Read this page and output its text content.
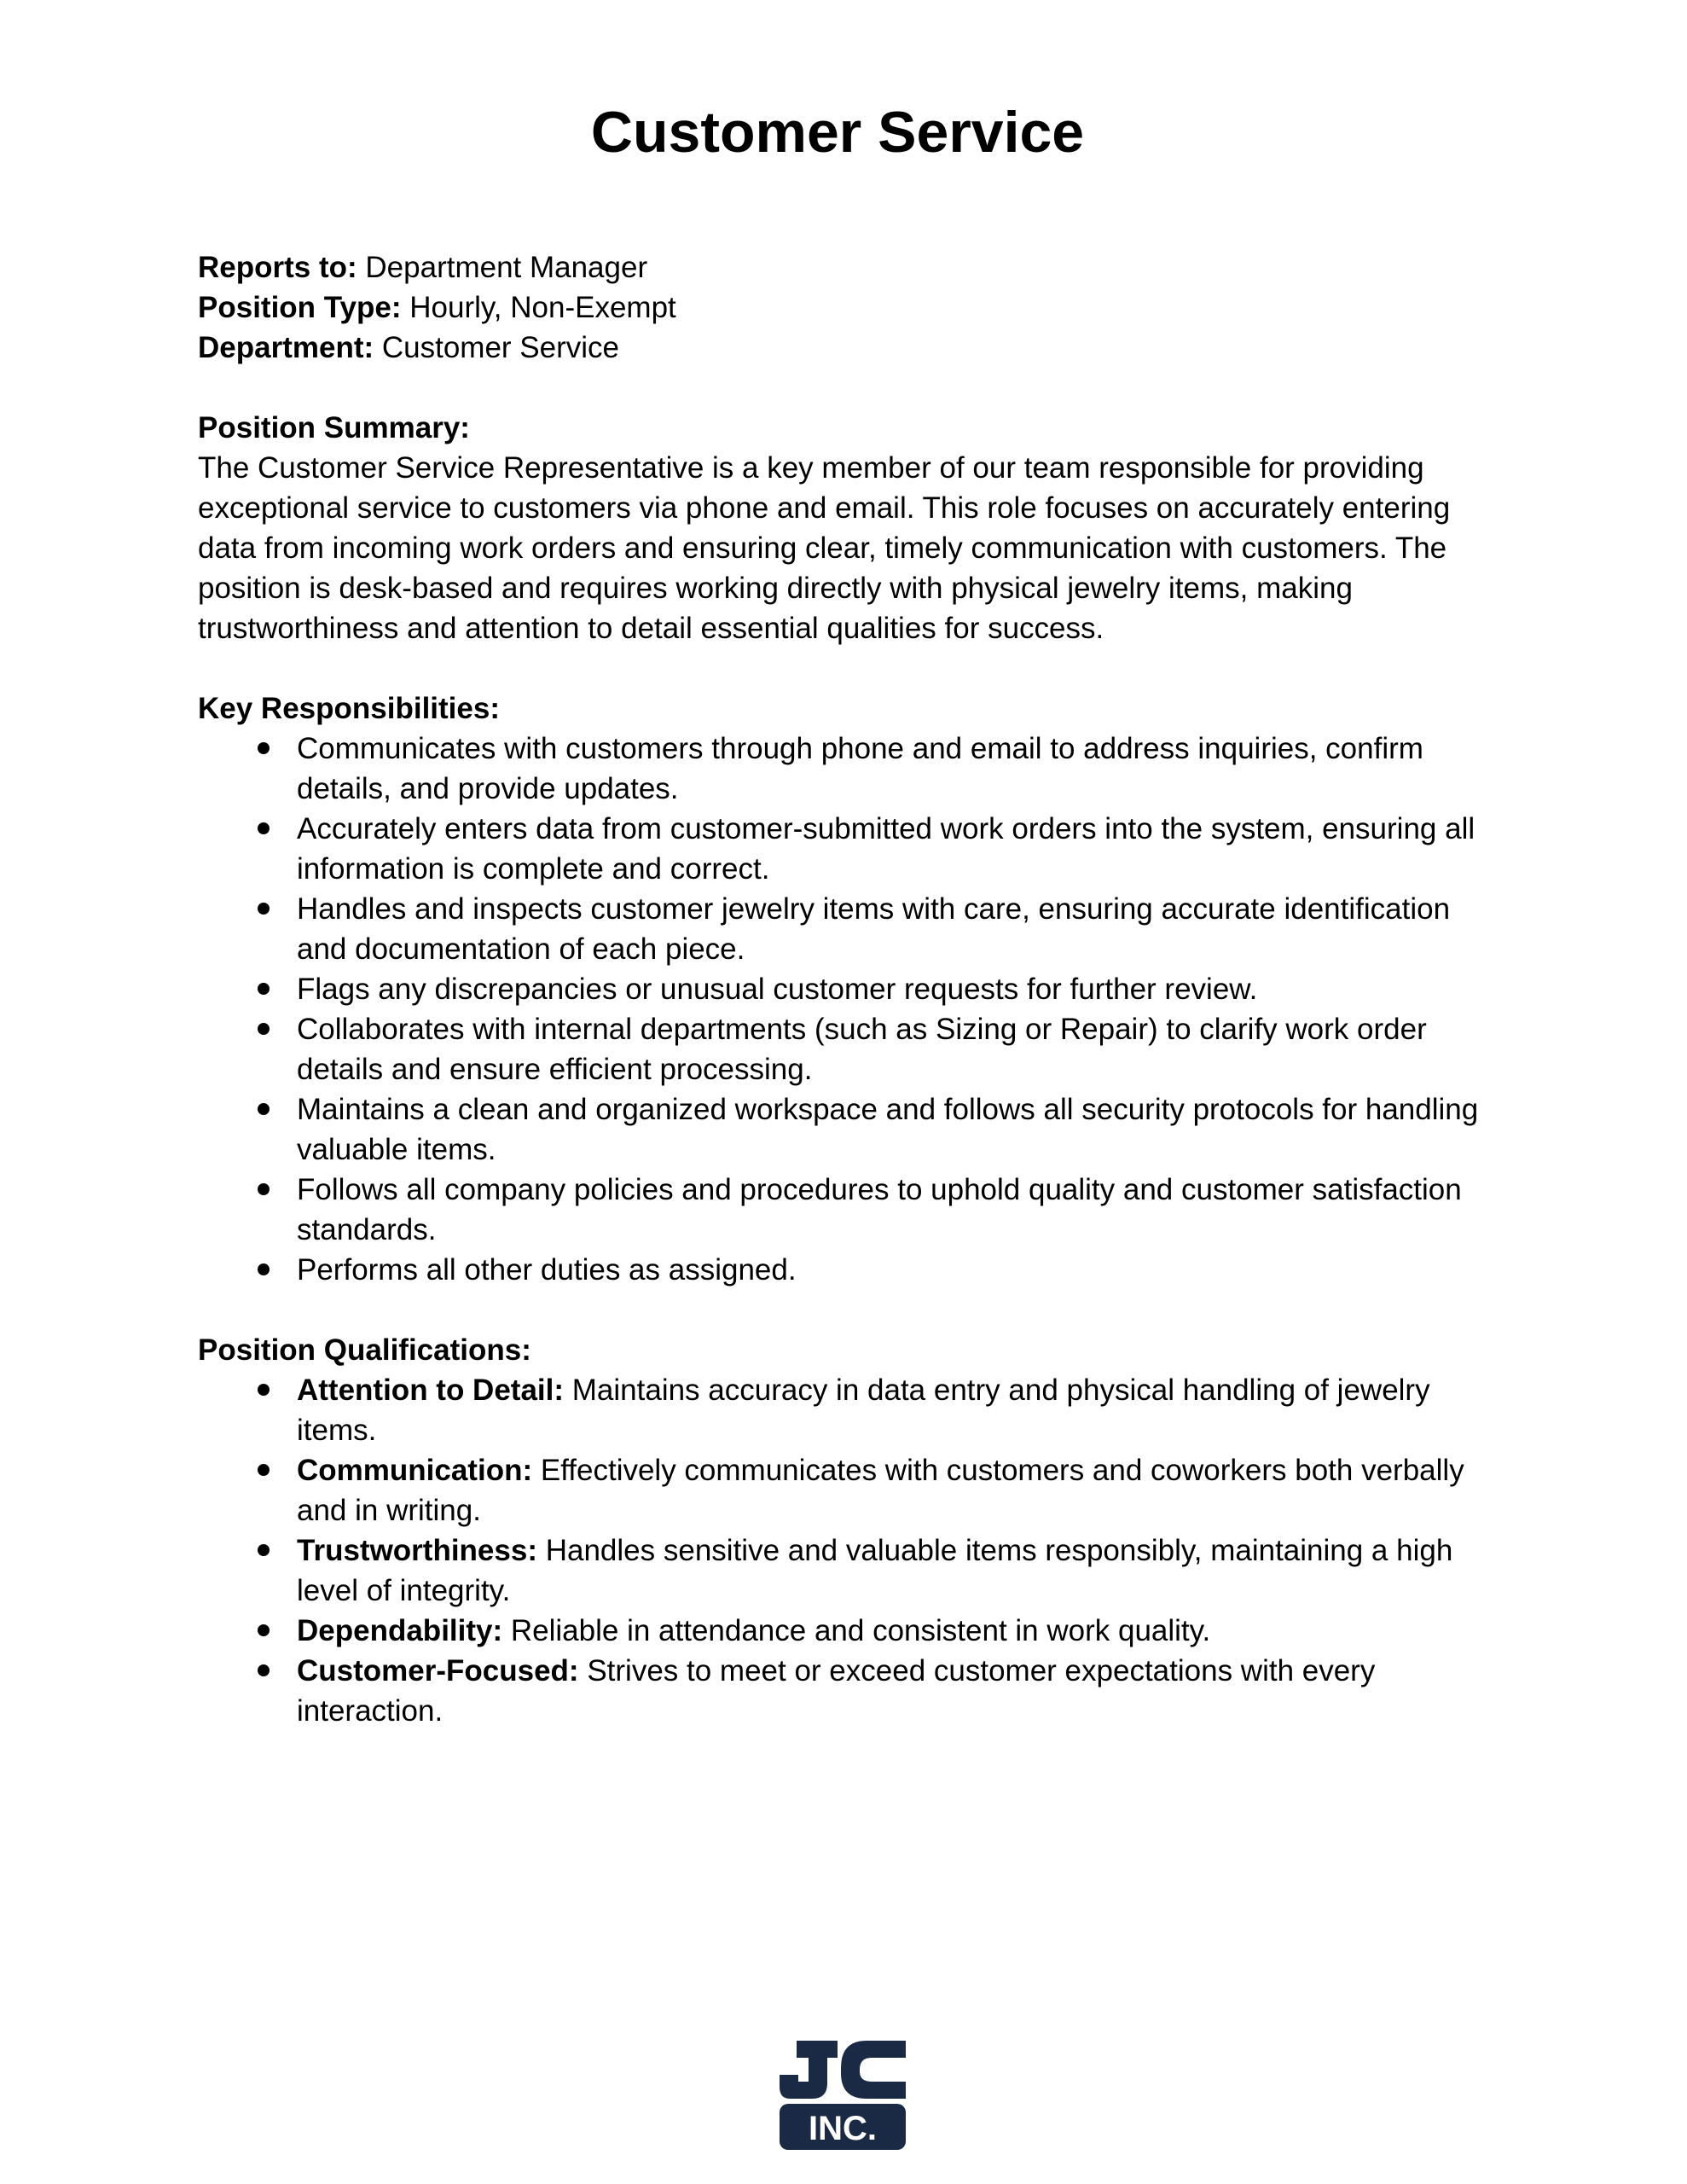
Customer Service
Reports to: Department Manager
Position Type: Hourly, Non-Exempt
Department: Customer Service
Position Summary:

The Customer Service Representative is a key member of our team responsible for providing exceptional service to customers via phone and email. This role focuses on accurately entering data from incoming work orders and ensuring clear, timely communication with customers. The position is desk-based and requires working directly with physical jewelry items, making trustworthiness and attention to detail essential qualities for success.

Key Responsibilities:
Communicates with customers through phone and email to address inquiries, confirm details, and provide updates.
Accurately enters data from customer-submitted work orders into the system, ensuring all information is complete and correct.
Handles and inspects customer jewelry items with care, ensuring accurate identification and documentation of each piece.
Flags any discrepancies or unusual customer requests for further review.
Collaborates with internal departments (such as Sizing or Repair) to clarify work order details and ensure efficient processing.
Maintains a clean and organized workspace and follows all security protocols for handling valuable items.
Follows all company policies and procedures to uphold quality and customer satisfaction standards.
Performs all other duties as assigned.
Position Qualifications:
Attention to Detail: Maintains accuracy in data entry and physical handling of jewelry items.
Communication: Effectively communicates with customers and coworkers both verbally and in writing.
Trustworthiness: Handles sensitive and valuable items responsibly, maintaining a high level of integrity.
Dependability: Reliable in attendance and consistent in work quality.
Customer-Focused: Strives to meet or exceed customer expectations with every interaction.
INC.
